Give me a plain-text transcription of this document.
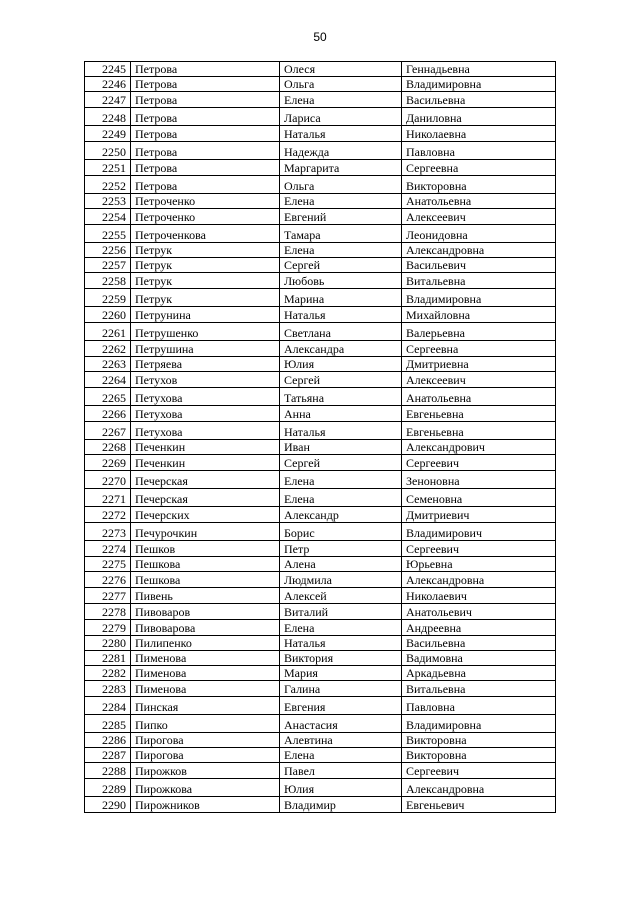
50
2245	Петрова	Олеся	Геннадьевна
2246	Петрова	Ольга	Владимировна
2247	Петрова	Елена	Васильевна
2248	Петрова	Лариса	Даниловна
2249	Петрова	Наталья	Николаевна
2250	Петрова	Надежда	Павловна
2251	Петрова	Маргарита	Сергеевна
2252	Петрова	Ольга	Викторовна
2253	Петроченко	Елена	Анатольевна
2254	Петроченко	Евгений	Алексеевич
2255	Петроченкова	Тамара	Леонидовна
2256	Петрук	Елена	Александровна
2257	Петрук	Сергей	Васильевич
2258	Петрук	Любовь	Витальевна
2259	Петрук	Марина	Владимировна
2260	Петрунина	Наталья	Михайловна
2261	Петрушенко	Светлана	Валерьевна
2262	Петрушина	Александра	Сергеевна
2263	Петряева	Юлия	Дмитриевна
2264	Петухов	Сергей	Алексеевич
2265	Петухова	Татьяна	Анатольевна
2266	Петухова	Анна	Евгеньевна
2267	Петухова	Наталья	Евгеньевна
2268	Печенкин	Иван	Александрович
2269	Печенкин	Сергей	Сергеевич
2270	Печерская	Елена	Зеноновна
2271	Печерская	Елена	Семеновна
2272	Печерских	Александр	Дмитриевич
2273	Печурочкин	Борис	Владимирович
2274	Пешков	Петр	Сергеевич
2275	Пешкова	Алена	Юрьевна
2276	Пешкова	Людмила	Александровна
2277	Пивень	Алексей	Николаевич
2278	Пивоваров	Виталий	Анатольевич
2279	Пивоварова	Елена	Андреевна
2280	Пилипенко	Наталья	Васильевна
2281	Пименова	Виктория	Вадимовна
2282	Пименова	Мария	Аркадьевна
2283	Пименова	Галина	Витальевна
2284	Пинская	Евгения	Павловна
2285	Пипко	Анастасия	Владимировна
2286	Пирогова	Алевтина	Викторовна
2287	Пирогова	Елена	Викторовна
2288	Пирожков	Павел	Сергеевич
2289	Пирожкова	Юлия	Александровна
2290	Пирожников	Владимир	Евгеньевич
